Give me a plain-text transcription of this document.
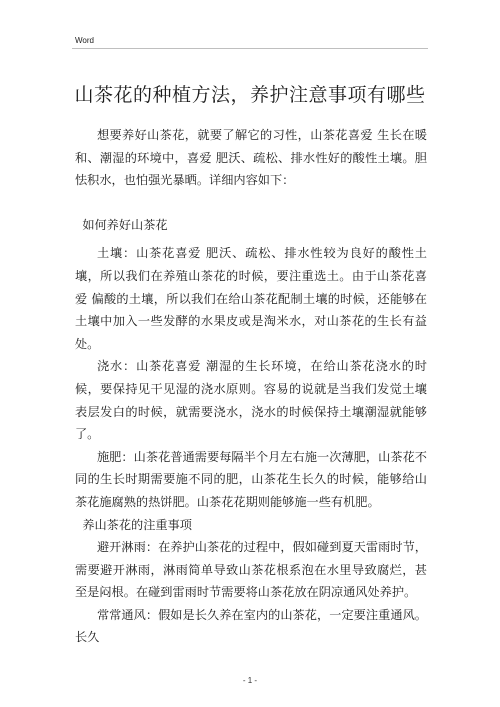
Word
山茶花的种植方法，养护注意事项有哪些

想要养好山茶花，就要了解它的习性，山茶花喜爱 生长在暖和、潮湿的环境中，喜爱 肥沃、疏松、排水性好的酸性土壤。胆怯积水，也怕强光暴晒。详细内容如下：

如何养好山茶花

土壤：山茶花喜爱 肥沃、疏松、排水性较为良好的酸性土壤，所以我们在养殖山茶花的时候，要注重选土。由于山茶花喜爱 偏酸的土壤，所以我们在给山茶花配制土壤的时候，还能够在土壤中加入一些发酵的水果皮或是淘米水，对山茶花的生长有益处。

浇水：山茶花喜爱 潮湿的生长环境，在给山茶花浇水的时候，要保持见干见湿的浇水原则。容易的说就是当我们发觉土壤表层发白的时候，就需要浇水，浇水的时候保持土壤潮湿就能够了。

施肥：山茶花普通需要每隔半个月左右施一次薄肥，山茶花不同的生长时期需要施不同的肥，山茶花生长久的时候，能够给山茶花施腐熟的热饼肥。山茶花花期则能够施一些有机肥。

养山茶花的注重事项

避开淋雨：在养护山茶花的过程中，假如碰到夏天雷雨时节，需要避开淋雨，淋雨简单导致山茶花根系泡在水里导致腐烂，甚至是闷根。在碰到雷雨时节需要将山茶花放在阴凉通风处养护。

常常通风：假如是长久养在室内的山茶花，一定要注重通风。长久

- 1 -
